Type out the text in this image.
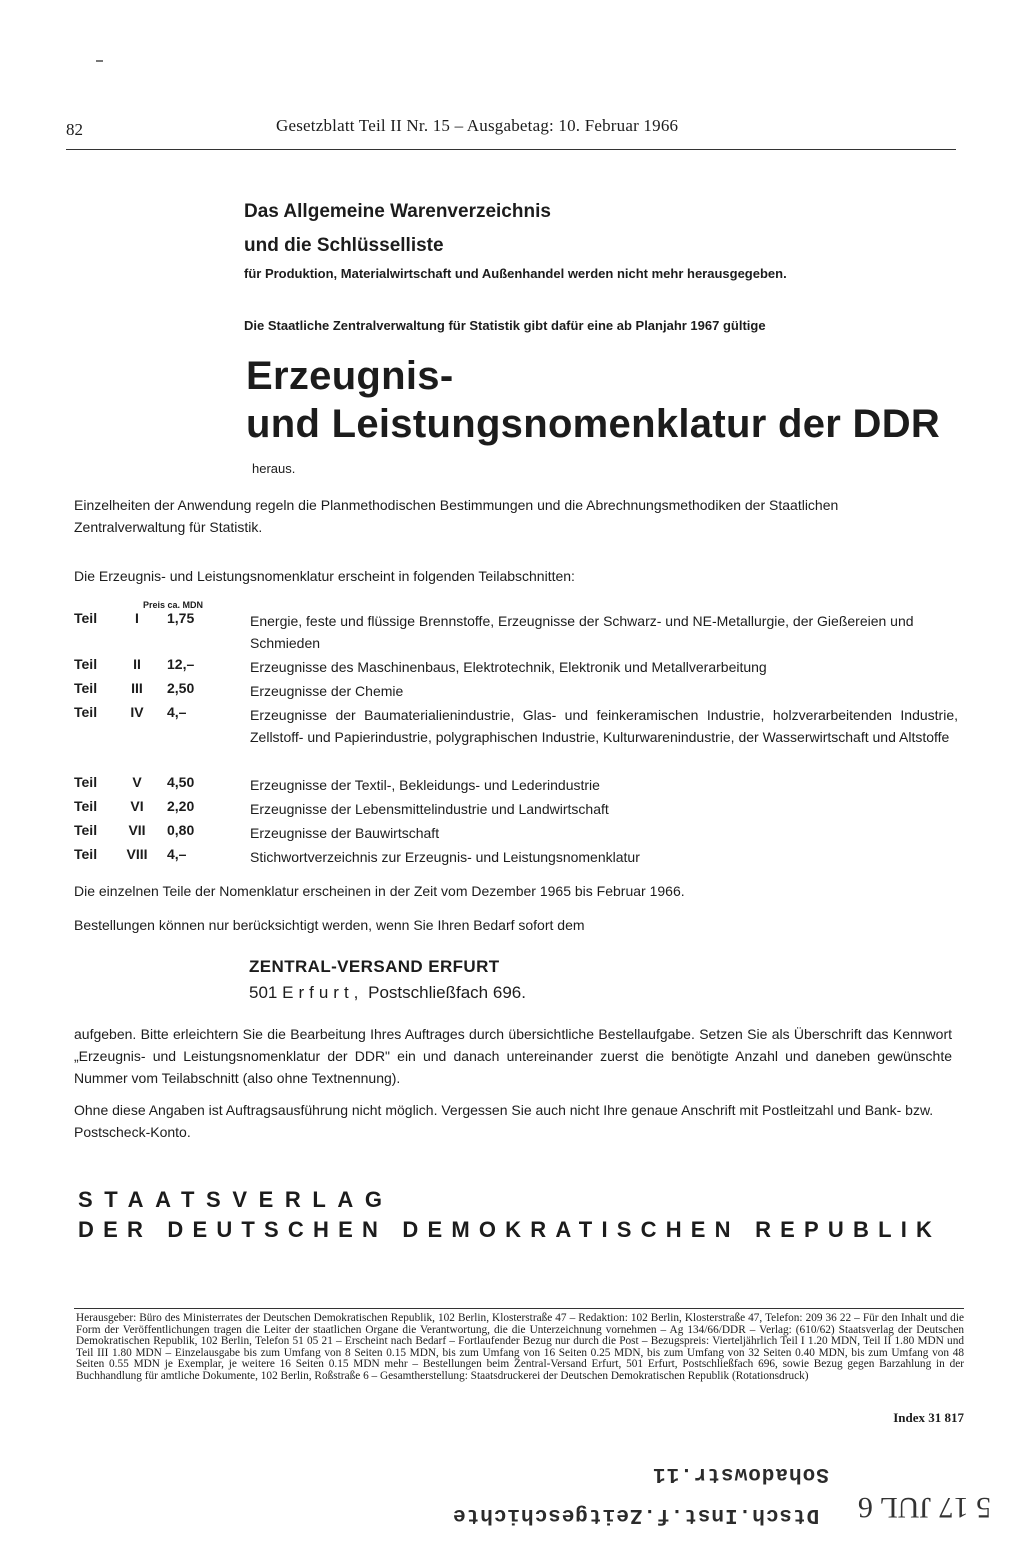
82	Gesetzblatt Teil II Nr. 15 – Ausgabetag: 10. Februar 1966
Das Allgemeine Warenverzeichnis
und die Schlüsselliste
für Produktion, Materialwirtschaft und Außenhandel werden nicht mehr herausgegeben.
Die Staatliche Zentralverwaltung für Statistik gibt dafür eine ab Planjahr 1967 gültige
Erzeugnis-
und Leistungsnomenklatur der DDR
heraus.
Einzelheiten der Anwendung regeln die Planmethodischen Bestimmungen und die Abrechnungsmethodiken der Staatlichen Zentralverwaltung für Statistik.
Die Erzeugnis- und Leistungsnomenklatur erscheint in folgenden Teilabschnitten:
Preis ca. MDN
Teil	I	1,75	Energie, feste und flüssige Brennstoffe, Erzeugnisse der Schwarz- und NE-Metallurgie, der Gießereien und Schmieden
Teil	II	12,–	Erzeugnisse des Maschinenbaus, Elektrotechnik, Elektronik und Metallverarbeitung
Teil	III	2,50	Erzeugnisse der Chemie
Teil	IV	4,–	Erzeugnisse der Baumaterialienindustrie, Glas- und feinkeramischen Industrie, holzverarbeitenden Industrie, Zellstoff- und Papierindustrie, polygraphischen Industrie, Kulturwarenindustrie, der Wasserwirtschaft und Altstoffe
Teil	V	4,50	Erzeugnisse der Textil-, Bekleidungs- und Lederindustrie
Teil	VI	2,20	Erzeugnisse der Lebensmittelindustrie und Landwirtschaft
Teil	VII	0,80	Erzeugnisse der Bauwirtschaft
Teil	VIII	4,–	Stichwortverzeichnis zur Erzeugnis- und Leistungsnomenklatur
Die einzelnen Teile der Nomenklatur erscheinen in der Zeit vom Dezember 1965 bis Februar 1966.
Bestellungen können nur berücksichtigt werden, wenn Sie Ihren Bedarf sofort dem
ZENTRAL-VERSAND ERFURT
501 Erfurt, Postschließfach 696.
aufgeben. Bitte erleichtern Sie die Bearbeitung Ihres Auftrages durch übersichtliche Bestellaufgabe. Setzen Sie als Überschrift das Kennwort „Erzeugnis- und Leistungsnomenklatur der DDR" ein und danach untereinander zuerst die benötigte Anzahl und daneben gewünschte Nummer vom Teilabschnitt (also ohne Textnennung).
Ohne diese Angaben ist Auftragsausführung nicht möglich. Vergessen Sie auch nicht Ihre genaue Anschrift mit Postleitzahl und Bank- bzw. Postscheck-Konto.
STAATSVERLAG
DER DEUTSCHEN DEMOKRATISCHEN REPUBLIK
Herausgeber: Büro des Ministerrates der Deutschen Demokratischen Republik, 102 Berlin, Klosterstraße 47 – Redaktion: 102 Berlin, Klosterstraße 47, Telefon: 209 36 22 – Für den Inhalt und die Form der Veröffentlichungen tragen die Leiter der staatlichen Organe die Verantwortung, die die Unterzeichnung vornehmen – Ag 134/66/DDR – Verlag: (610/62) Staatsverlag der Deutschen Demokratischen Republik, 102 Berlin, Telefon 51 05 21 – Erscheint nach Bedarf – Fortlaufender Bezug nur durch die Post – Bezugspreis: Vierteljährlich Teil I 1.20 MDN, Teil II 1.80 MDN und Teil III 1.80 MDN – Einzelausgabe bis zum Umfang von 8 Seiten 0.15 MDN, bis zum Umfang von 16 Seiten 0.25 MDN, bis zum Umfang von 32 Seiten 0.40 MDN, bis zum Umfang von 48 Seiten 0.55 MDN je Exemplar, je weitere 16 Seiten 0.15 MDN mehr – Bestellungen beim Zentral-Versand Erfurt, 501 Erfurt, Postschließfach 696, sowie Bezug gegen Barzahlung in der Buchhandlung für amtliche Dokumente, 102 Berlin, Roßstraße 6 – Gesamtherstellung: Staatsdruckerei der Deutschen Demokratischen Republik (Rotationsdruck)
Index 31 817
Sohadowstr.11
Dtsch.Inst.f.Zeitgeschichte 5 17 JUL 6
